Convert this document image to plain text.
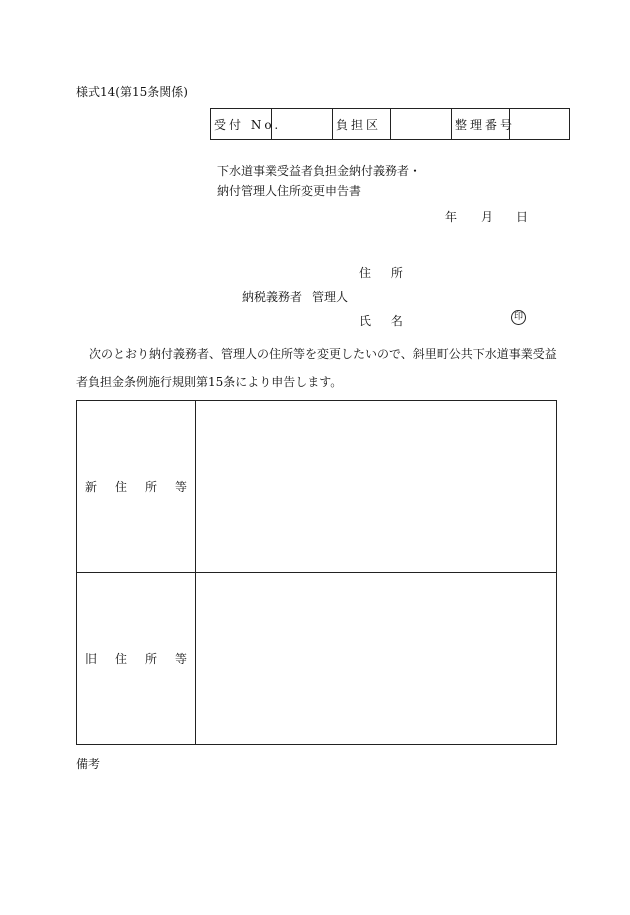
様式14(第15条関係)
受付 No.		負担区		整理番号	
下水道事業受益者負担金納付義務者・
納付管理人住所変更申告書
年 月 日
住 所
納税義務者 管理人
氏 名	印
次のとおり納付義務者、管理人の住所等を変更したいので、斜里町公共下水道事業受益
者負担金条例施行規則第15条により申告します。
新 住 所 等	

旧 住 所 等	

備考
